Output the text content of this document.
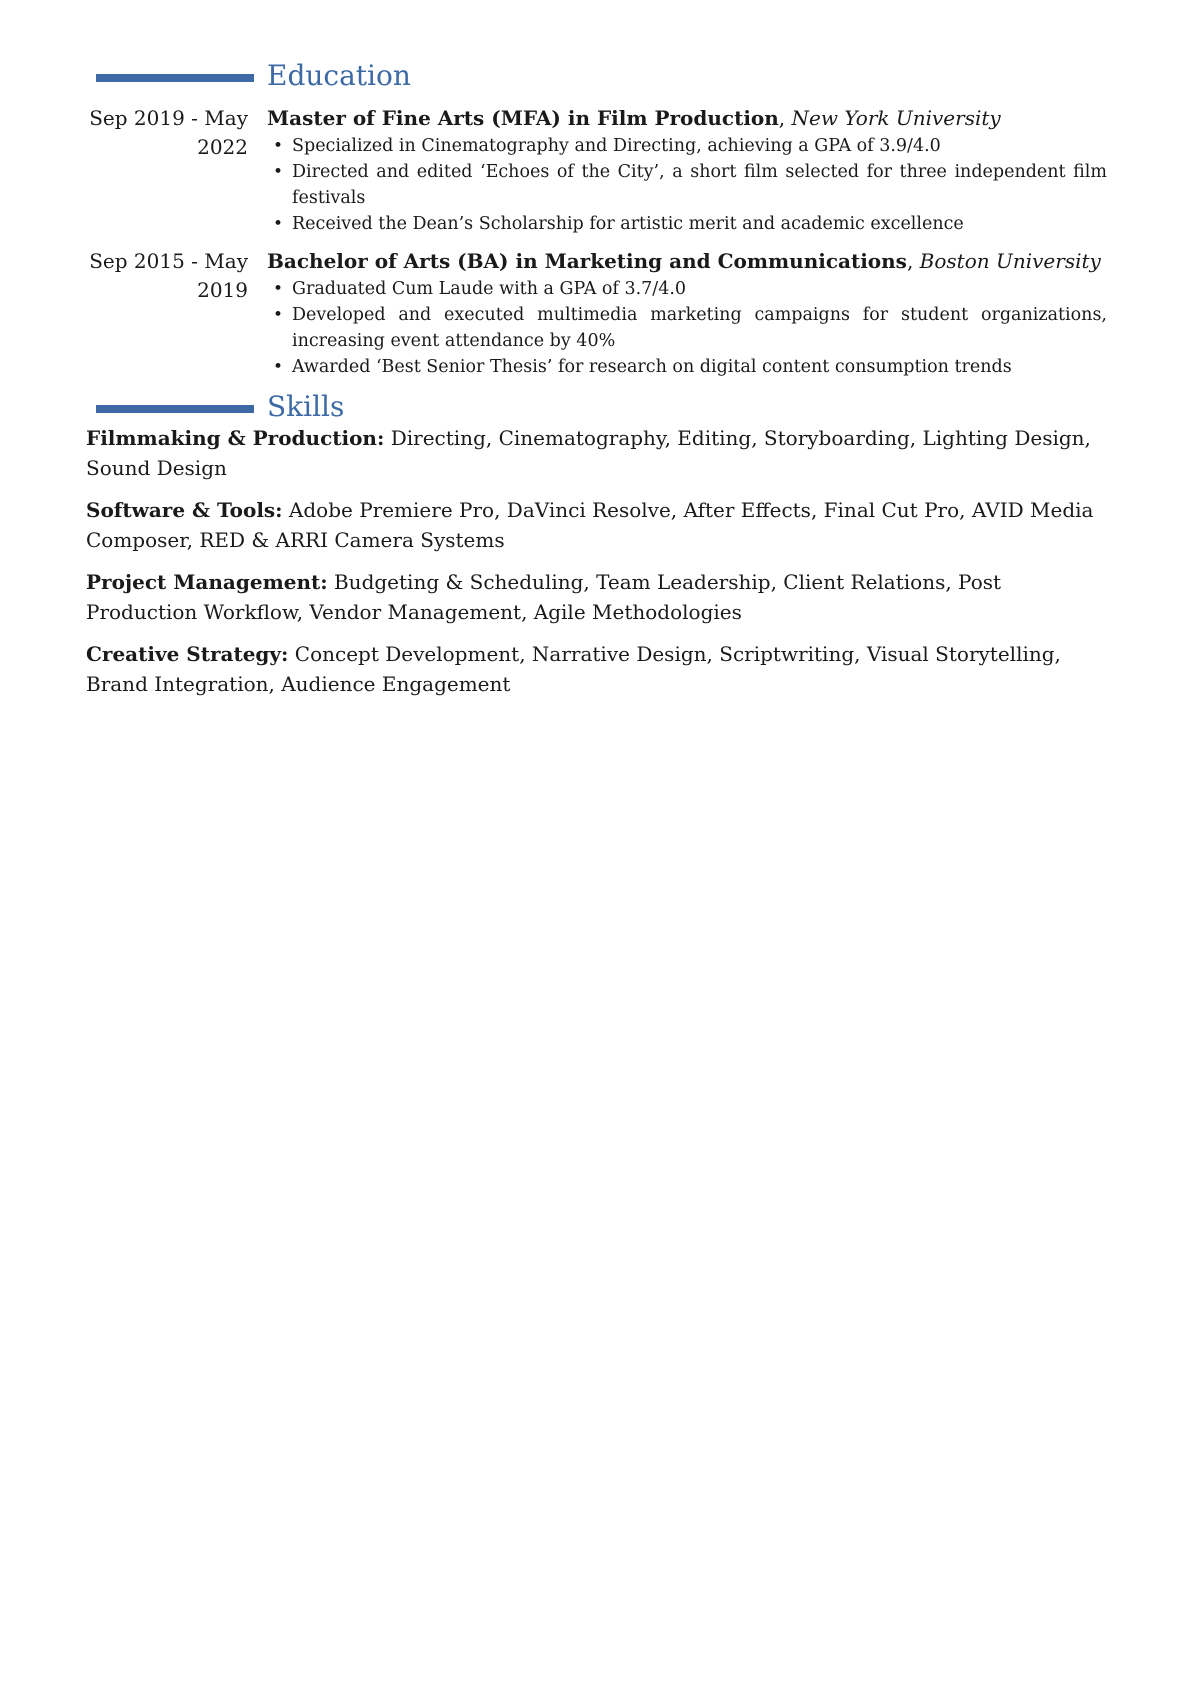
Education
Sep 2019 - May
2022
Master of Fine Arts (MFA) in Film Production, New York University
• Specialized in Cinematography and Directing, achieving a GPA of 3.9/4.0
• Directed and edited ‘Echoes of the City’, a short film selected for three independent film festivals
• Received the Dean’s Scholarship for artistic merit and academic excellence
Sep 2015 - May
2019
Bachelor of Arts (BA) in Marketing and Communications, Boston University
• Graduated Cum Laude with a GPA of 3.7/4.0
• Developed and executed multimedia marketing campaigns for student organizations, increasing event attendance by 40%
• Awarded ‘Best Senior Thesis’ for research on digital content consumption trends
Skills
Filmmaking & Production: Directing, Cinematography, Editing, Storyboarding, Lighting Design, Sound Design
Software & Tools: Adobe Premiere Pro, DaVinci Resolve, After Effects, Final Cut Pro, AVID Media Composer, RED & ARRI Camera Systems
Project Management: Budgeting & Scheduling, Team Leadership, Client Relations, Post Production Workflow, Vendor Management, Agile Methodologies
Creative Strategy: Concept Development, Narrative Design, Scriptwriting, Visual Storytelling, Brand Integration, Audience Engagement
